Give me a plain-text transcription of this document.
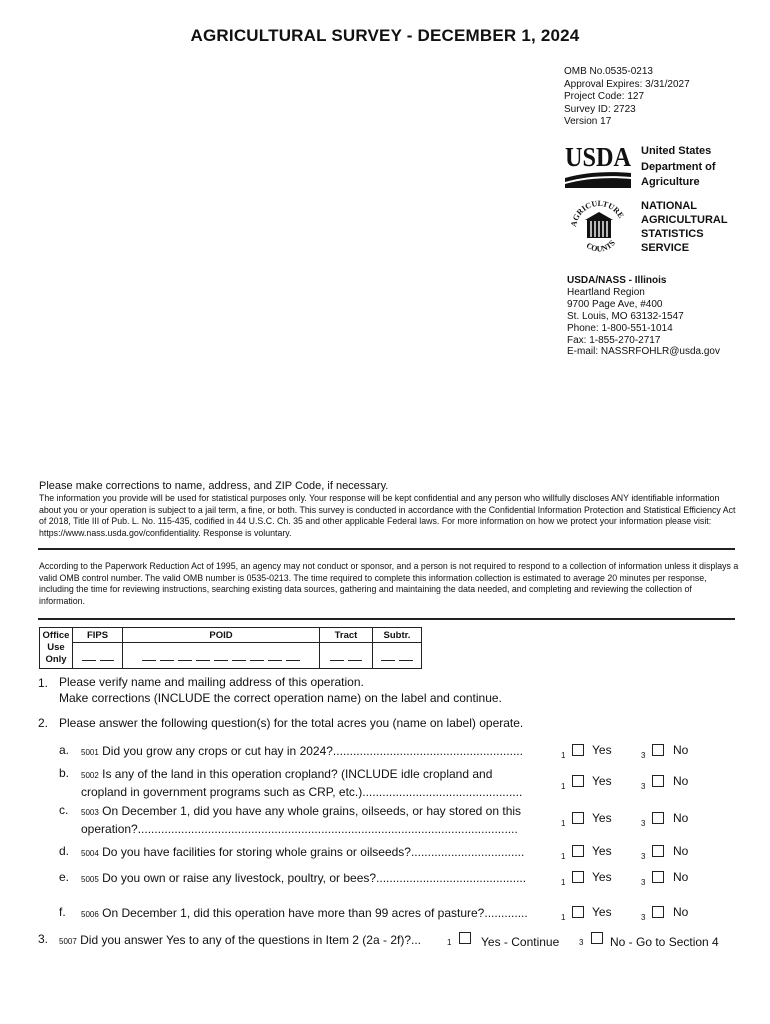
AGRICULTURAL SURVEY - DECEMBER 1, 2024
OMB No.0535-0213
Approval Expires: 3/31/2027
Project Code: 127
Survey ID: 2723
Version 17
USDA United States
Department of
Agriculture
AGRICULTURE
COUNTS
NATIONAL
AGRICULTURAL
STATISTICS
SERVICE
USDA/NASS - Illinois
Heartland Region
9700 Page Ave, #400
St. Louis, MO 63132-1547
Phone: 1-800-551-1014
Fax: 1-855-270-2717
E-mail: NASSRFOHLR@usda.gov
Please make corrections to name, address, and ZIP Code, if necessary.
The information you provide will be used for statistical purposes only. Your response will be kept confidential and any person who willfully discloses ANY identifiable information about you or your operation is subject to a jail term, a fine, or both. This survey is conducted in accordance with the Confidential Information Protection and Statistical Efficiency Act of 2018, Title III of Pub. L. No. 115-435, codified in 44 U.S.C. Ch. 35 and other applicable Federal laws. For more information on how we protect your information please visit: https://www.nass.usda.gov/confidentiality. Response is voluntary.
According to the Paperwork Reduction Act of 1995, an agency may not conduct or sponsor, and a person is not required to respond to a collection of information unless it displays a valid OMB control number. The valid OMB number is 0535-0213. The time required to complete this information collection is estimated to average 20 minutes per response, including the time for reviewing instructions, searching existing data sources, gathering and maintaining the data needed, and completing and reviewing the collection of information.
Office
Use
Only	FIPS	POID	Tract	Subtr.

1. Please verify name and mailing address of this operation.
Make corrections (INCLUDE the correct operation name) on the label and continue.
2. Please answer the following question(s) for the total acres you (name on label) operate.
a. 5001 Did you grow any crops or cut hay in 2024?.........................................................	1 Yes	3 No
b. 5002 Is any of the land in this operation cropland? (INCLUDE idle cropland and
cropland in government programs such as CRP, etc.)................................................	1 Yes	3 No
c. 5003 On December 1, did you have any whole grains, oilseeds, or hay stored on this
operation?..................................................................................................................	1 Yes	3 No
d. 5004 Do you have facilities for storing whole grains or oilseeds?..................................	1 Yes	3 No
e. 5005 Do you own or raise any livestock, poultry, or bees?.............................................	1 Yes	3 No
f. 5006 On December 1, did this operation have more than 99 acres of pasture?.............	1 Yes	3 No
3. 5007 Did you answer Yes to any of the questions in Item 2 (2a - 2f)?...	1 Yes - Continue 3 No - Go to Section 4
